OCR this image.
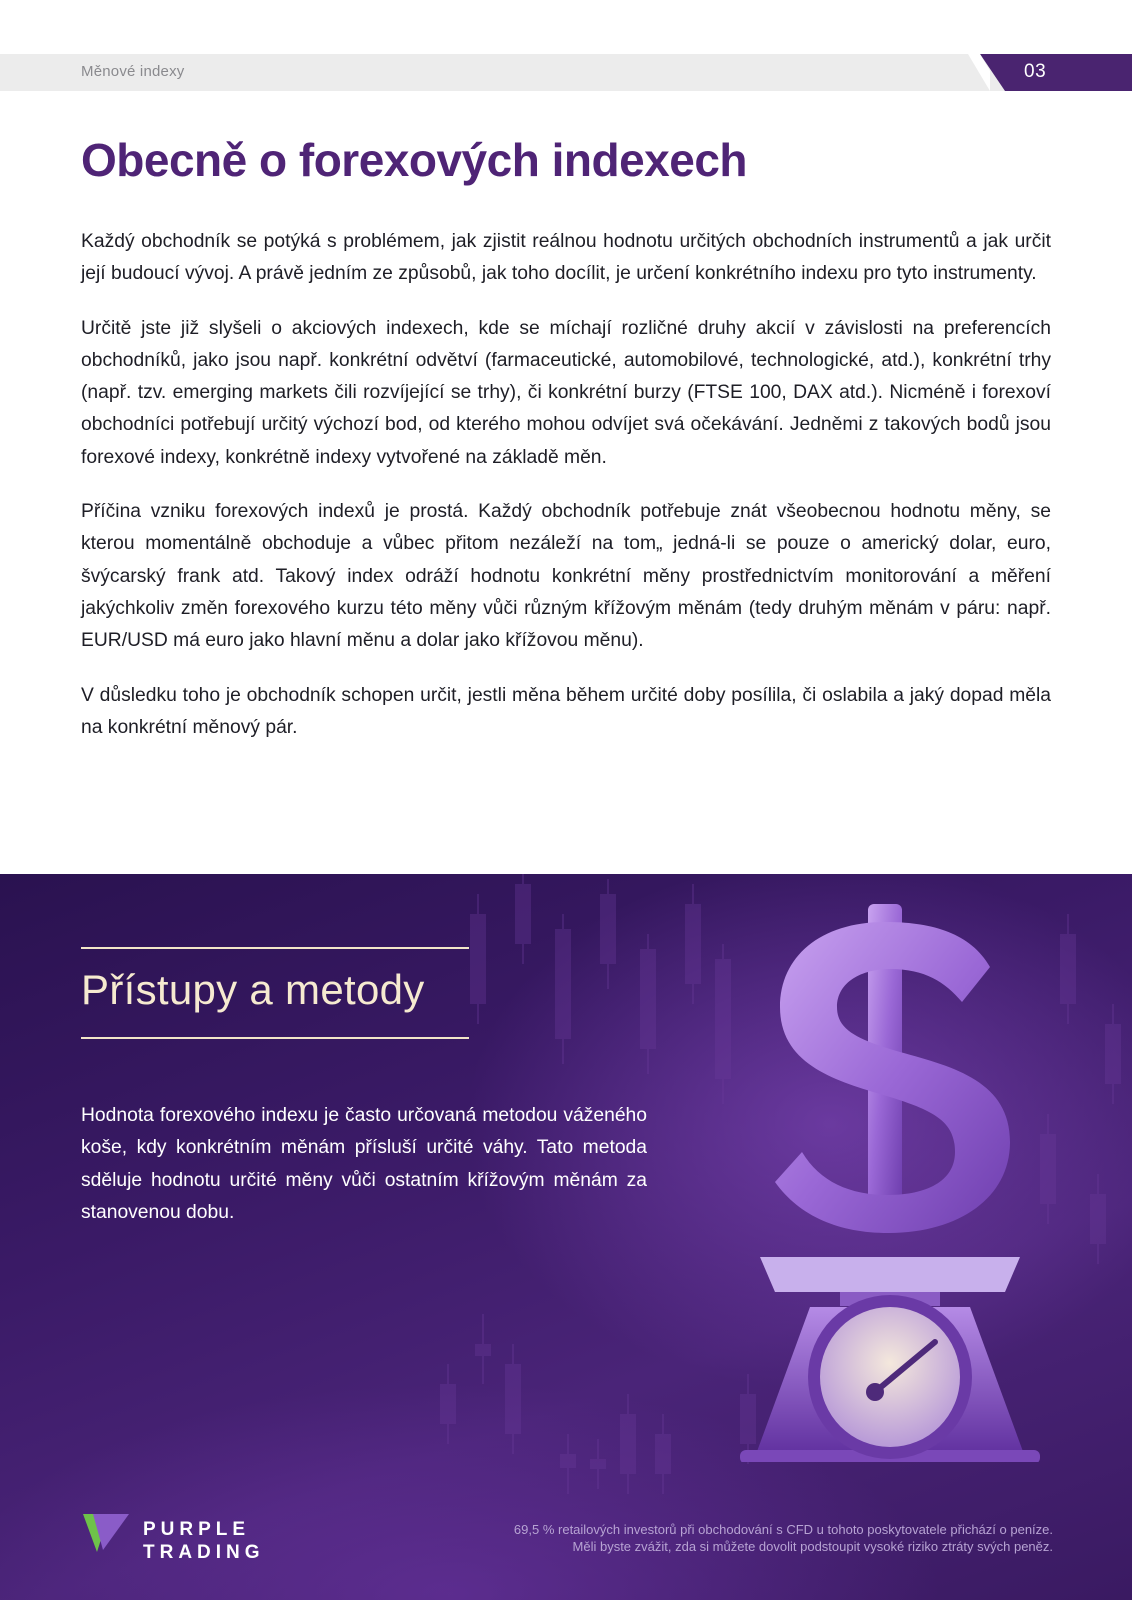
Měnové indexy	03
Obecně o forexových indexech

Každý obchodník se potýká s problémem, jak zjistit reálnou hodnotu určitých obchodních instrumentů a jak určit její budoucí vývoj. A právě jedním ze způsobů, jak toho docílit, je určení konkrétního indexu pro tyto instrumenty.

Určitě jste již slyšeli o akciových indexech, kde se míchají rozličné druhy akcií v závislosti na preferencích obchodníků, jako jsou např. konkrétní odvětví (farmaceutické, automobilové, technologické, atd.), konkrétní trhy (např. tzv. emerging markets čili rozvíjející se trhy), či konkrétní burzy (FTSE 100, DAX atd.). Nicméně i forexoví obchodníci potřebují určitý výchozí bod, od kterého mohou odvíjet svá očekávání. Jedněmi z takových bodů jsou forexové indexy, konkrétně indexy vytvořené na základě měn.

Příčina vzniku forexových indexů je prostá. Každý obchodník potřebuje znát všeobecnou hodnotu měny, se kterou momentálně obchoduje a vůbec přitom nezáleží na tom„ jedná-li se pouze o americký dolar, euro, švýcarský frank atd. Takový index odráží hodnotu konkrétní měny prostřednictvím monitorování a měření jakýchkoliv změn forexového kurzu této měny vůči různým křížovým měnám (tedy druhým měnám v páru: např. EUR/USD má euro jako hlavní měnu a dolar jako křížovou měnu).

V důsledku toho je obchodník schopen určit, jestli měna během určité doby posílila, či oslabila a jaký dopad měla na konkrétní měnový pár.

Přístupy a metody

Hodnota forexového indexu je často určovaná metodou váženého koše, kdy konkrétním měnám přísluší určité váhy. Tato metoda sděluje hodnotu určité měny vůči ostatním křížovým měnám za stanovenou dobu.

PURPLE
TRADING
69,5 % retailových investorů při obchodování s CFD u tohoto poskytovatele přichází o peníze.
Měli byste zvážit, zda si můžete dovolit podstoupit vysoké riziko ztráty svých peněz.
